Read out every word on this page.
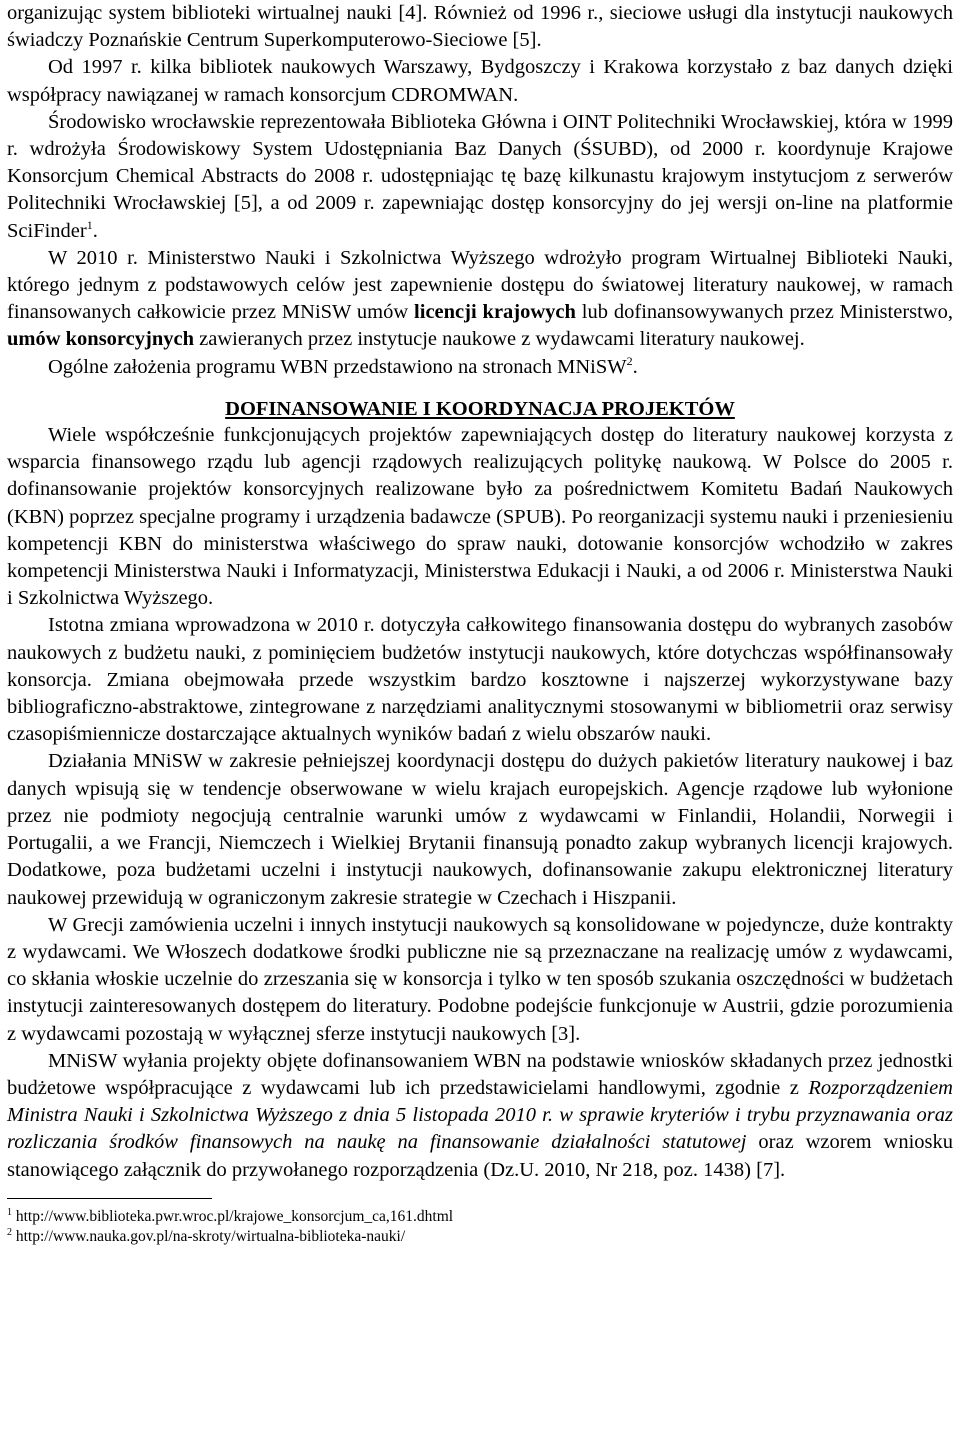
organizując system biblioteki wirtualnej nauki [4]. Również od 1996 r., sieciowe usługi dla instytucji naukowych świadczy Poznańskie Centrum Superkomputerowo-Sieciowe [5].

Od 1997 r. kilka bibliotek naukowych Warszawy, Bydgoszczy i Krakowa korzystało z baz danych dzięki współpracy nawiązanej w ramach konsorcjum CDROMWAN.

Środowisko wrocławskie reprezentowała Biblioteka Główna i OINT Politechniki Wrocławskiej, która w 1999 r. wdrożyła Środowiskowy System Udostępniania Baz Danych (ŚSUBD), od 2000 r. koordynuje Krajowe Konsorcjum Chemical Abstracts do 2008 r. udostępniając tę bazę kilkunastu krajowym instytucjom z serwerów Politechniki Wrocławskiej [5], a od 2009 r. zapewniając dostęp konsorcyjny do jej wersji on-line na platformie SciFinder$^1$.

W 2010 r. Ministerstwo Nauki i Szkolnictwa Wyższego wdrożyło program Wirtualnej Biblioteki Nauki, którego jednym z podstawowych celów jest zapewnienie dostępu do światowej literatury naukowej, w ramach finansowanych całkowicie przez MNiSW umów licencji krajowych lub dofinansowywanych przez Ministerstwo, umów konsorcyjnych zawieranych przez instytucje naukowe z wydawcami literatury naukowej.

Ogólne założenia programu WBN przedstawiono na stronach MNiSW$^2$.

DOFINANSOWANIE I KOORDYNACJA PROJEKTÓW

Wiele współcześnie funkcjonujących projektów zapewniających dostęp do literatury naukowej korzysta z wsparcia finansowego rządu lub agencji rządowych realizujących politykę naukową. W Polsce do 2005 r. dofinansowanie projektów konsorcyjnych realizowane było za pośrednictwem Komitetu Badań Naukowych (KBN) poprzez specjalne programy i urządzenia badawcze (SPUB). Po reorganizacji systemu nauki i przeniesieniu kompetencji KBN do ministerstwa właściwego do spraw nauki, dotowanie konsorcjów wchodziło w zakres kompetencji Ministerstwa Nauki i Informatyzacji, Ministerstwa Edukacji i Nauki, a od 2006 r. Ministerstwa Nauki i Szkolnictwa Wyższego.

Istotna zmiana wprowadzona w 2010 r. dotyczyła całkowitego finansowania dostępu do wybranych zasobów naukowych z budżetu nauki, z pominięciem budżetów instytucji naukowych, które dotychczas współfinansowały konsorcja. Zmiana obejmowała przede wszystkim bardzo kosztowne i najszerzej wykorzystywane bazy bibliograficzno-abstraktowe, zintegrowane z narzędziami analitycznymi stosowanymi w bibliometrii oraz serwisy czasopiśmiennicze dostarczające aktualnych wyników badań z wielu obszarów nauki.

Działania MNiSW w zakresie pełniejszej koordynacji dostępu do dużych pakietów literatury naukowej i baz danych wpisują się w tendencje obserwowane w wielu krajach europejskich. Agencje rządowe lub wyłonione przez nie podmioty negocjują centralnie warunki umów z wydawcami w Finlandii, Holandii, Norwegii i Portugalii, a we Francji, Niemczech i Wielkiej Brytanii finansują ponadto zakup wybranych licencji krajowych. Dodatkowe, poza budżetami uczelni i instytucji naukowych, dofinansowanie zakupu elektronicznej literatury naukowej przewidują w ograniczonym zakresie strategie w Czechach i Hiszpanii.

W Grecji zamówienia uczelni i innych instytucji naukowych są konsolidowane w pojedyncze, duże kontrakty z wydawcami. We Włoszech dodatkowe środki publiczne nie są przeznaczane na realizację umów z wydawcami, co skłania włoskie uczelnie do zrzeszania się w konsorcja i tylko w ten sposób szukania oszczędności w budżetach instytucji zainteresowanych dostępem do literatury. Podobne podejście funkcjonuje w Austrii, gdzie porozumienia z wydawcami pozostają w wyłącznej sferze instytucji naukowych [3].

MNiSW wyłania projekty objęte dofinansowaniem WBN na podstawie wniosków składanych przez jednostki budżetowe współpracujące z wydawcami lub ich przedstawicielami handlowymi, zgodnie z Rozporządzeniem Ministra Nauki i Szkolnictwa Wyższego z dnia 5 listopada 2010 r. w sprawie kryteriów i trybu przyznawania oraz rozliczania środków finansowych na naukę na finansowanie działalności statutowej oraz wzorem wniosku stanowiącego załącznik do przywołanego rozporządzenia (Dz.U. 2010, Nr 218, poz. 1438) [7].

$^1$ http://www.biblioteka.pwr.wroc.pl/krajowe_konsorcjum_ca,161.dhtml

$^2$ http://www.nauka.gov.pl/na-skroty/wirtualna-biblioteka-nauki/
